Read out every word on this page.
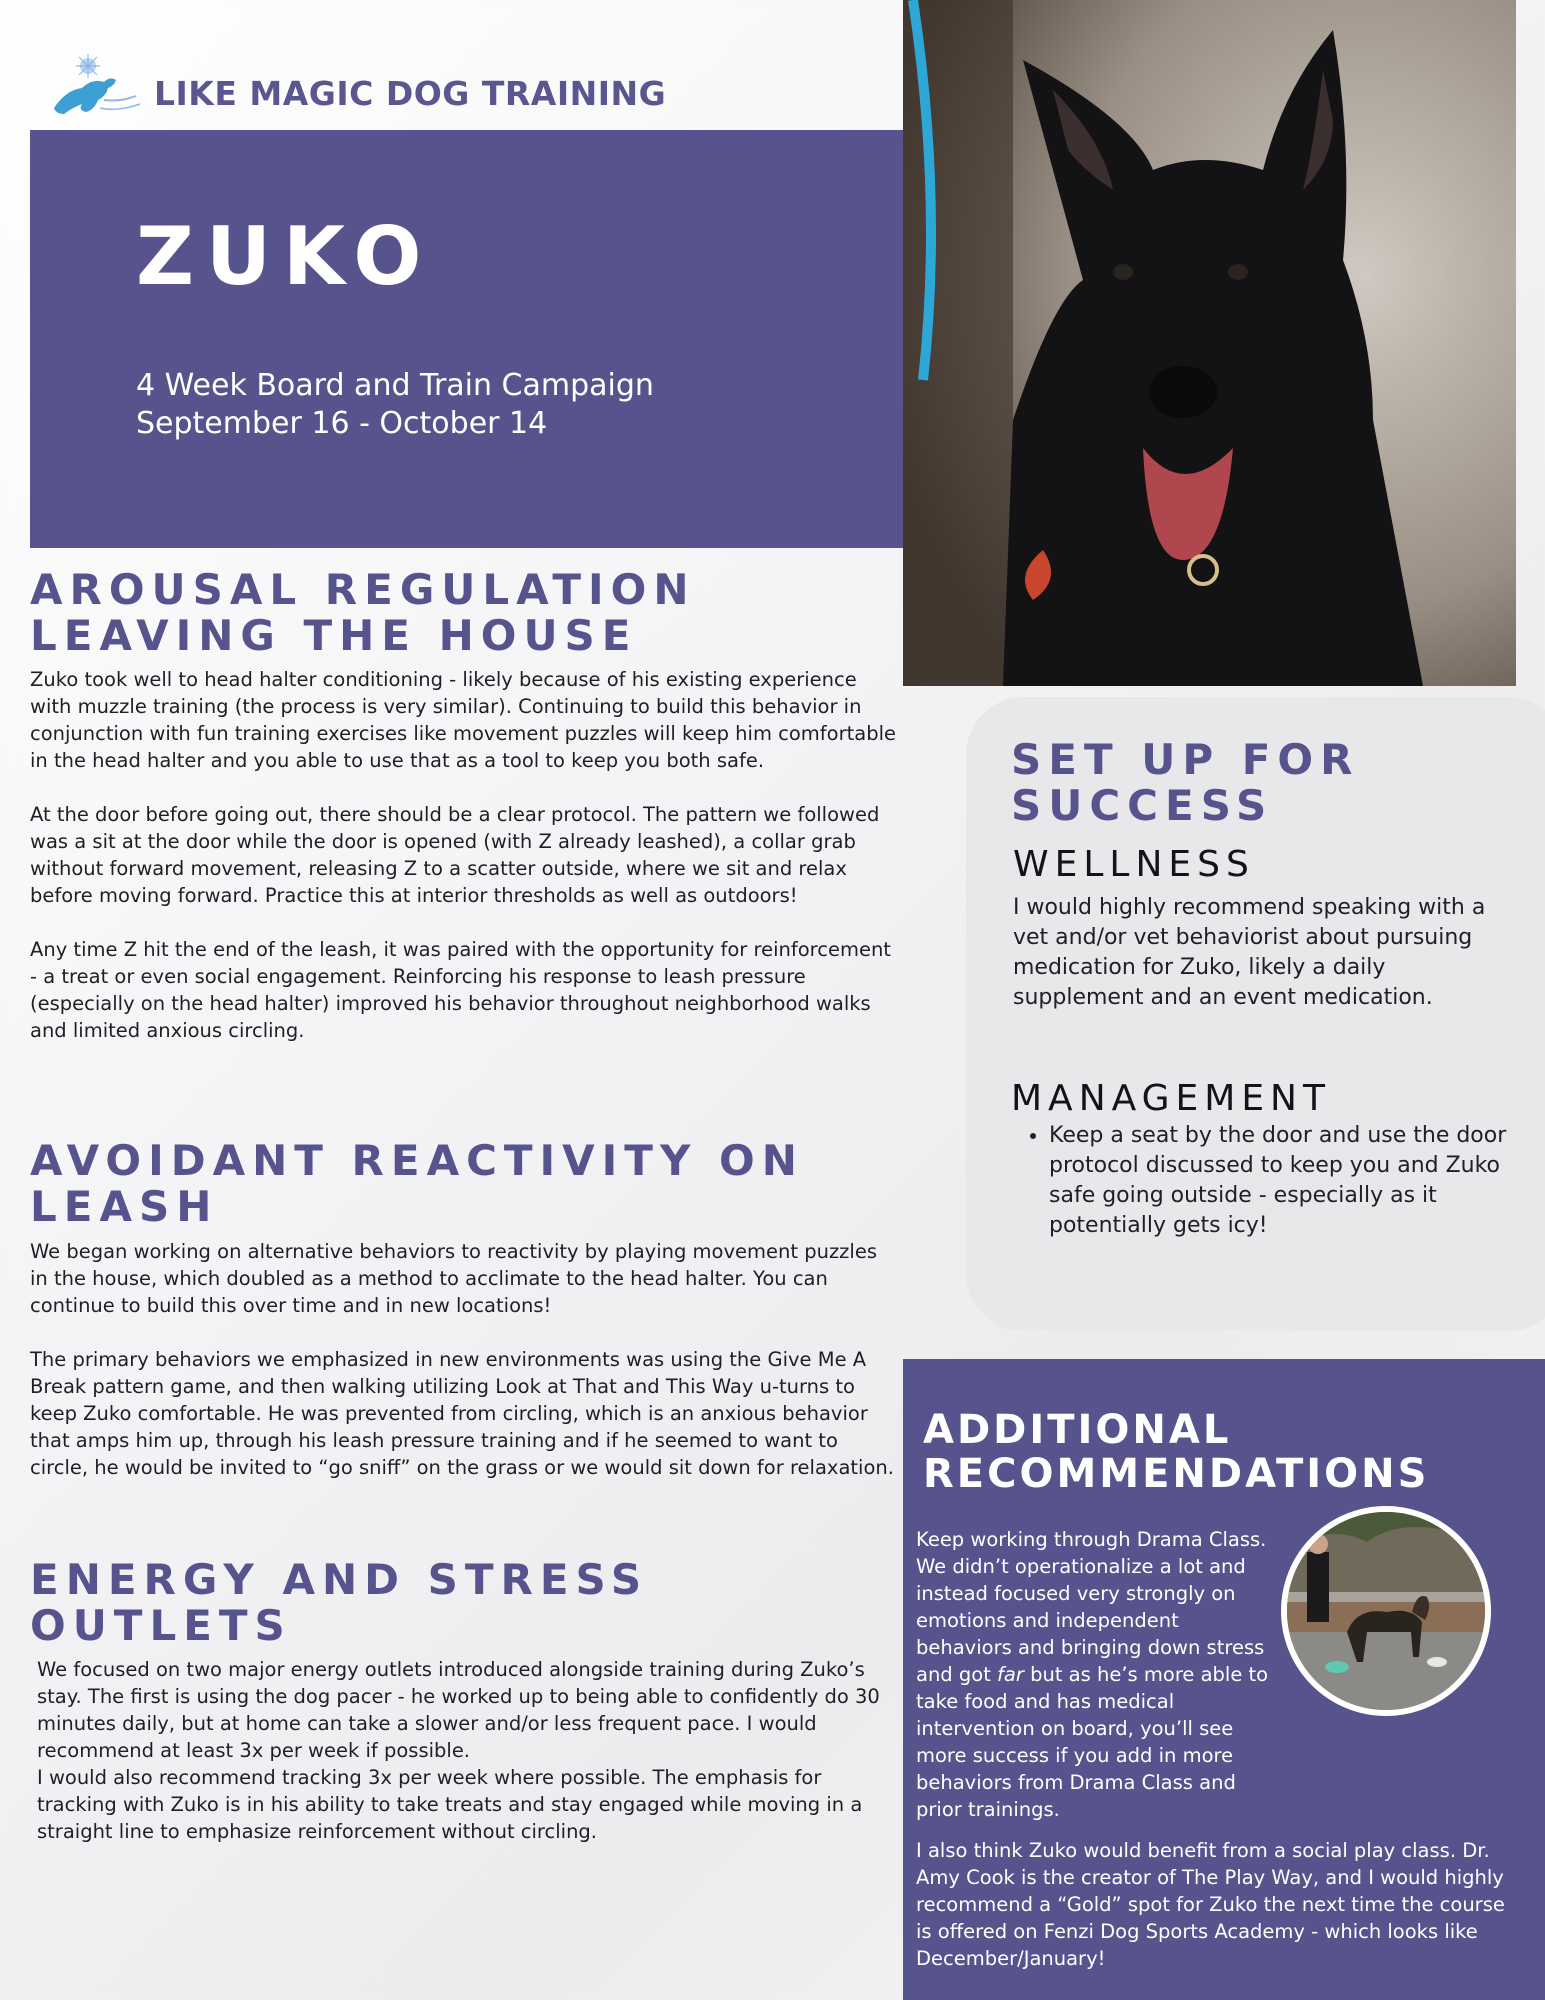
LIKE MAGIC DOG TRAINING
ZUKO
4 Week Board and Train Campaign
September 16 - October 14
AROUSAL REGULATION
LEAVING THE HOUSE

Zuko took well to head halter conditioning - likely because of his existing experience with muzzle training (the process is very similar). Continuing to build this behavior in conjunction with fun training exercises like movement puzzles will keep him comfortable in the head halter and you able to use that as a tool to keep you both safe.

At the door before going out, there should be a clear protocol. The pattern we followed was a sit at the door while the door is opened (with Z already leashed), a collar grab without forward movement, releasing Z to a scatter outside, where we sit and relax before moving forward. Practice this at interior thresholds as well as outdoors!

Any time Z hit the end of the leash, it was paired with the opportunity for reinforcement - a treat or even social engagement. Reinforcing his response to leash pressure (especially on the head halter) improved his behavior throughout neighborhood walks and limited anxious circling.

AVOIDANT REACTIVITY ON
LEASH

We began working on alternative behaviors to reactivity by playing movement puzzles in the house, which doubled as a method to acclimate to the head halter. You can continue to build this over time and in new locations!

The primary behaviors we emphasized in new environments was using the Give Me A Break pattern game, and then walking utilizing Look at That and This Way u-turns to keep Zuko comfortable. He was prevented from circling, which is an anxious behavior that amps him up, through his leash pressure training and if he seemed to want to circle, he would be invited to “go sniff” on the grass or we would sit down for relaxation.

ENERGY AND STRESS
OUTLETS

We focused on two major energy outlets introduced alongside training during Zuko’s stay. The first is using the dog pacer - he worked up to being able to confidently do 30 minutes daily, but at home can take a slower and/or less frequent pace. I would recommend at least 3x per week if possible.

I would also recommend tracking 3x per week where possible. The emphasis for tracking with Zuko is in his ability to take treats and stay engaged while moving in a straight line to emphasize reinforcement without circling.

SET UP FOR
SUCCESS
WELLNESS

I would highly recommend speaking with a vet and/or vet behaviorist about pursuing medication for Zuko, likely a daily supplement and an event medication.

MANAGEMENT
• Keep a seat by the door and use the door protocol discussed to keep you and Zuko safe going outside - especially as it potentially gets icy!
ADDITIONAL
RECOMMENDATIONS
Keep working through Drama Class. We didn’t operationalize a lot and instead focused very strongly on emotions and independent behaviors and bringing down stress and got far but as he’s more able to take food and has medical intervention on board, you’ll see more success if you add in more behaviors from Drama Class and prior trainings.
I also think Zuko would benefit from a social play class. Dr. Amy Cook is the creator of The Play Way, and I would highly recommend a “Gold” spot for Zuko the next time the course is offered on Fenzi Dog Sports Academy - which looks like December/January!
